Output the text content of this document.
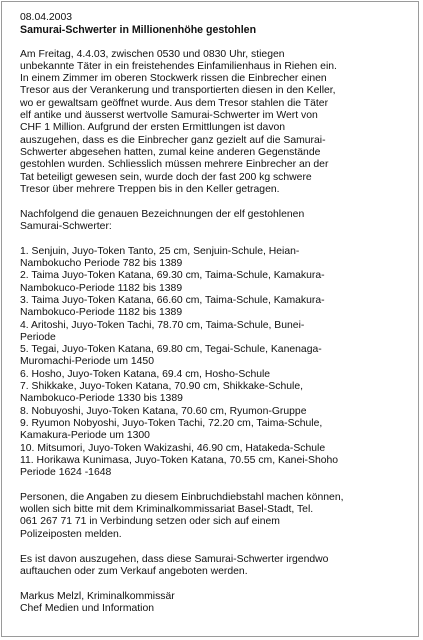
08.04.2003

Samurai-Schwerter in Millionenhöhe gestohlen

Am Freitag, 4.4.03, zwischen 0530 und 0830 Uhr, stiegen
unbekannte Täter in ein freistehendes Einfamilienhaus in Riehen ein.
In einem Zimmer im oberen Stockwerk rissen die Einbrecher einen
Tresor aus der Verankerung und transportierten diesen in den Keller,
wo er gewaltsam geöffnet wurde. Aus dem Tresor stahlen die Täter
elf antike und äusserst wertvolle Samurai-Schwerter im Wert von
CHF 1 Million. Aufgrund der ersten Ermittlungen ist davon
auszugehen, dass es die Einbrecher ganz gezielt auf die Samurai-
Schwerter abgesehen hatten, zumal keine anderen Gegenstände
gestohlen wurden. Schliesslich müssen mehrere Einbrecher an der
Tat beteiligt gewesen sein, wurde doch der fast 200 kg schwere
Tresor über mehrere Treppen bis in den Keller getragen.

Nachfolgend die genauen Bezeichnungen der elf gestohlenen
Samurai-Schwerter:

1. Senjuin, Juyo-Token Tanto, 25 cm, Senjuin-Schule, Heian-
Nambokucho Periode 782 bis 1389
2. Taima Juyo-Token Katana, 69.30 cm, Taima-Schule, Kamakura-
Nambokuco-Periode 1182 bis 1389
3. Taima Juyo-Token Katana, 66.60 cm, Taima-Schule, Kamakura-
Nambokuco-Periode 1182 bis 1389
4. Aritoshi, Juyo-Token Tachi, 78.70 cm, Taima-Schule, Bunei-
Periode
5. Tegai, Juyo-Token Katana, 69.80 cm, Tegai-Schule, Kanenaga-
Muromachi-Periode um 1450
6. Hosho, Juyo-Token Katana, 69.4 cm, Hosho-Schule
7. Shikkake, Juyo-Token Katana, 70.90 cm, Shikkake-Schule,
Nambokuco-Periode 1330 bis 1389
8. Nobuyoshi, Juyo-Token Katana, 70.60 cm, Ryumon-Gruppe
9. Ryumon Nobyoshi, Juyo-Token Tachi, 72.20 cm, Taima-Schule,
Kamakura-Periode um 1300
10. Mitsumori, Juyo-Token Wakizashi, 46.90 cm, Hatakeda-Schule
11. Horikawa Kunimasa, Juyo-Token Katana, 70.55 cm, Kanei-Shoho
Periode 1624 -1648

Personen, die Angaben zu diesem Einbruchdiebstahl machen können,
wollen sich bitte mit dem Kriminalkommissariat Basel-Stadt, Tel.
061 267 71 71 in Verbindung setzen oder sich auf einem
Polizeiposten melden.

Es ist davon auszugehen, dass diese Samurai-Schwerter irgendwo
auftauchen oder zum Verkauf angeboten werden.

Markus Melzl, Kriminalkommissär
Chef Medien und Information
